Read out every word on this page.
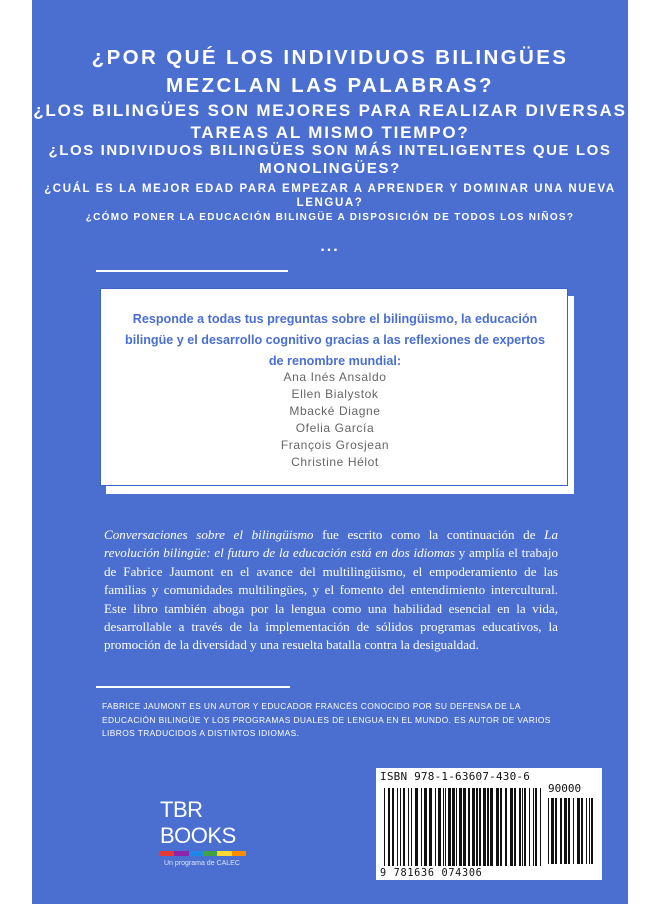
¿POR QUÉ LOS INDIVIDUOS BILINGÜES MEZCLAN LAS PALABRAS?
¿LOS BILINGÜES SON MEJORES PARA REALIZAR DIVERSAS TAREAS AL MISMO TIEMPO?
¿LOS INDIVIDUOS BILINGÜES SON MÁS INTELIGENTES QUE LOS MONOLINGÜES?
¿CUÁL ES LA MEJOR EDAD PARA EMPEZAR A APRENDER Y DOMINAR UNA NUEVA LENGUA?
¿CÓMO PONER LA EDUCACIÓN BILINGÜE A DISPOSICIÓN DE TODOS LOS NIÑOS?
...
Responde a todas tus preguntas sobre el bilingüismo, la educación bilingüe y el desarrollo cognitivo gracias a las reflexiones de expertos de renombre mundial:
Ana Inés Ansaldo
Ellen Bialystok
Mbacké Diagne
Ofelia García
François Grosjean
Christine Hélot
Conversaciones sobre el bilingüismo fue escrito como la continuación de La revolución bilingüe: el futuro de la educación está en dos idiomas y amplía el trabajo de Fabrice Jaumont en el avance del multilingüismo, el empoderamiento de las familias y comunidades multilingües, y el fomento del entendimiento intercultural. Este libro también aboga por la lengua como una habilidad esencial en la vida, desarrollable a través de la implementación de sólidos programas educativos, la promoción de la diversidad y una resuelta batalla contra la desigualdad.
FABRICE JAUMONT ES UN AUTOR Y EDUCADOR FRANCÉS CONOCIDO POR SU DEFENSA DE LA EDUCACIÓN BILINGÜE Y LOS PROGRAMAS DUALES DE LENGUA EN EL MUNDO. ES AUTOR DE VARIOS LIBROS TRADUCIDOS A DISTINTOS IDIOMAS.
TBR BOOKS
Un programa de CALEC
ISBN 978-1-63607-430-6
90000
9 781636 074306
